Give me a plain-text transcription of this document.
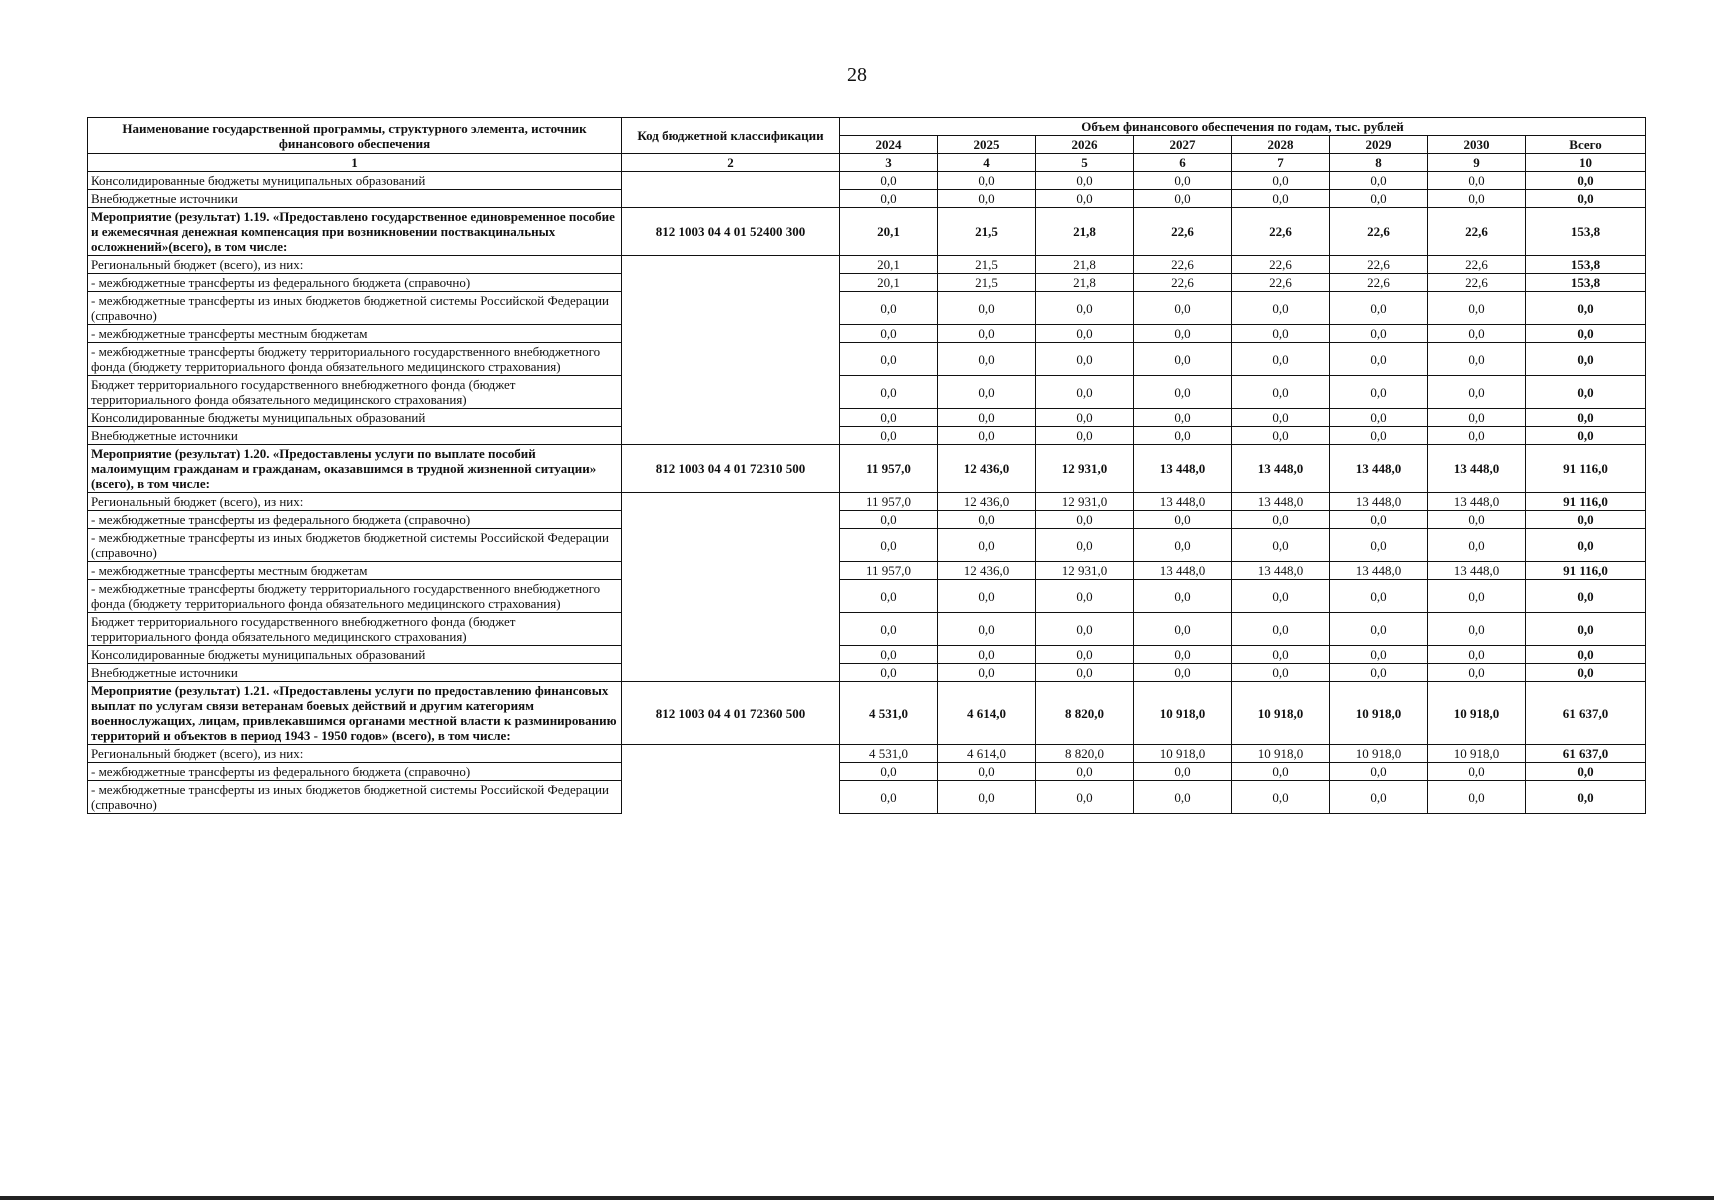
28
Наименование государственной программы, структурного элемента, источник финансового обеспечения	Код бюджетной классификации	Объем финансового обеспечения по годам, тыс. рублей							
		2024	2025	2026	2027	2028	2029	2030	Всего
1	2	3	4	5	6	7	8	9	10
Консолидированные бюджеты муниципальных образований		0,0	0,0	0,0	0,0	0,0	0,0	0,0	0,0
Внебюджетные источники		0,0	0,0	0,0	0,0	0,0	0,0	0,0	0,0
Мероприятие (результат) 1.19. «Предоставлено государственное единовременное пособие и ежемесячная денежная компенсация при возникновении поствакцинальных осложнений»(всего), в том числе:	812 1003 04 4 01 52400 300	20,1	21,5	21,8	22,6	22,6	22,6	22,6	153,8
Региональный бюджет (всего), из них:		20,1	21,5	21,8	22,6	22,6	22,6	22,6	153,8
- межбюджетные трансферты из федерального бюджета (справочно)		20,1	21,5	21,8	22,6	22,6	22,6	22,6	153,8
- межбюджетные трансферты из иных бюджетов бюджетной системы Российской Федерации (справочно)		0,0	0,0	0,0	0,0	0,0	0,0	0,0	0,0
- межбюджетные трансферты местным бюджетам		0,0	0,0	0,0	0,0	0,0	0,0	0,0	0,0
- межбюджетные трансферты бюджету территориального государственного внебюджетного фонда (бюджету территориального фонда обязательного медицинского страхования)		0,0	0,0	0,0	0,0	0,0	0,0	0,0	0,0
Бюджет территориального государственного внебюджетного фонда (бюджет территориального фонда обязательного медицинского страхования)		0,0	0,0	0,0	0,0	0,0	0,0	0,0	0,0
Консолидированные бюджеты муниципальных образований		0,0	0,0	0,0	0,0	0,0	0,0	0,0	0,0
Внебюджетные источники		0,0	0,0	0,0	0,0	0,0	0,0	0,0	0,0
Мероприятие (результат) 1.20. «Предоставлены услуги по выплате пособий малоимущим гражданам и гражданам, оказавшимся в трудной жизненной ситуации» (всего), в том числе:	812 1003 04 4 01 72310 500	11 957,0	12 436,0	12 931,0	13 448,0	13 448,0	13 448,0	13 448,0	91 116,0
Региональный бюджет (всего), из них:		11 957,0	12 436,0	12 931,0	13 448,0	13 448,0	13 448,0	13 448,0	91 116,0
- межбюджетные трансферты из федерального бюджета (справочно)		0,0	0,0	0,0	0,0	0,0	0,0	0,0	0,0
- межбюджетные трансферты из иных бюджетов бюджетной системы Российской Федерации (справочно)		0,0	0,0	0,0	0,0	0,0	0,0	0,0	0,0
- межбюджетные трансферты местным бюджетам		11 957,0	12 436,0	12 931,0	13 448,0	13 448,0	13 448,0	13 448,0	91 116,0
- межбюджетные трансферты бюджету территориального государственного внебюджетного фонда (бюджету территориального фонда обязательного медицинского страхования)		0,0	0,0	0,0	0,0	0,0	0,0	0,0	0,0
Бюджет территориального государственного внебюджетного фонда (бюджет территориального фонда обязательного медицинского страхования)		0,0	0,0	0,0	0,0	0,0	0,0	0,0	0,0
Консолидированные бюджеты муниципальных образований		0,0	0,0	0,0	0,0	0,0	0,0	0,0	0,0
Внебюджетные источники		0,0	0,0	0,0	0,0	0,0	0,0	0,0	0,0
Мероприятие (результат) 1.21. «Предоставлены услуги по предоставлению финансовых выплат по услугам связи ветеранам боевых действий и другим категориям военнослужащих, лицам, привлекавшимся органами местной власти к разминированию территорий и объектов в период 1943 - 1950 годов» (всего), в том числе:	812 1003 04 4 01 72360 500	4 531,0	4 614,0	8 820,0	10 918,0	10 918,0	10 918,0	10 918,0	61 637,0
Региональный бюджет (всего), из них:		4 531,0	4 614,0	8 820,0	10 918,0	10 918,0	10 918,0	10 918,0	61 637,0
- межбюджетные трансферты из федерального бюджета (справочно)		0,0	0,0	0,0	0,0	0,0	0,0	0,0	0,0
- межбюджетные трансферты из иных бюджетов бюджетной системы Российской Федерации (справочно)		0,0	0,0	0,0	0,0	0,0	0,0	0,0	0,0
